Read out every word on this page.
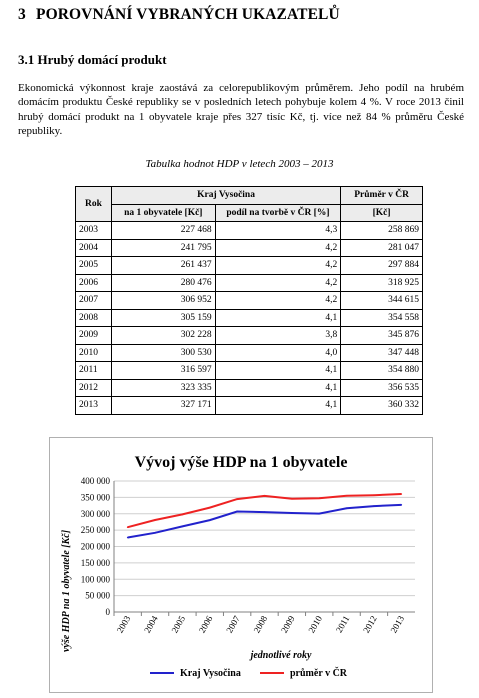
3 POROVNÁNÍ VYBRANÝCH UKAZATELŮ
3.1 Hrubý domácí produkt
Ekonomická výkonnost kraje zaostává za celorepublikovým průměrem. Jeho podíl na hrubém domácím produktu České republiky se v posledních letech pohybuje kolem 4 %. V roce 2013 činil hrubý domácí produkt na 1 obyvatele kraje přes 327 tisíc Kč, tj. více než 84 % průměru České republiky.
Tabulka hodnot HDP v letech 2003 – 2013
Rok	Kraj Vysočina		Průměr v ČR
	na 1 obyvatele [Kč]	podíl na tvorbě v ČR [%]	[Kč]
2003	227 468	4,3	258 869
2004	241 795	4,2	281 047
2005	261 437	4,2	297 884
2006	280 476	4,2	318 925
2007	306 952	4,2	344 615
2008	305 159	4,1	354 558
2009	302 228	3,8	345 876
2010	300 530	4,0	347 448
2011	316 597	4,1	354 880
2012	323 335	4,1	356 535
2013	327 171	4,1	360 332
Vývoj výše HDP na 1 obyvatele
výše HDP na 1 obyvatele [Kč]
jednotlivé roky
0
50 000
100 000
150 000
200 000
250 000
300 000
350 000
400 000
2003 2004 2005 2006 2007 2008 2009 2010 2011 2012 2013
Kraj Vysočina	průměr v ČR
